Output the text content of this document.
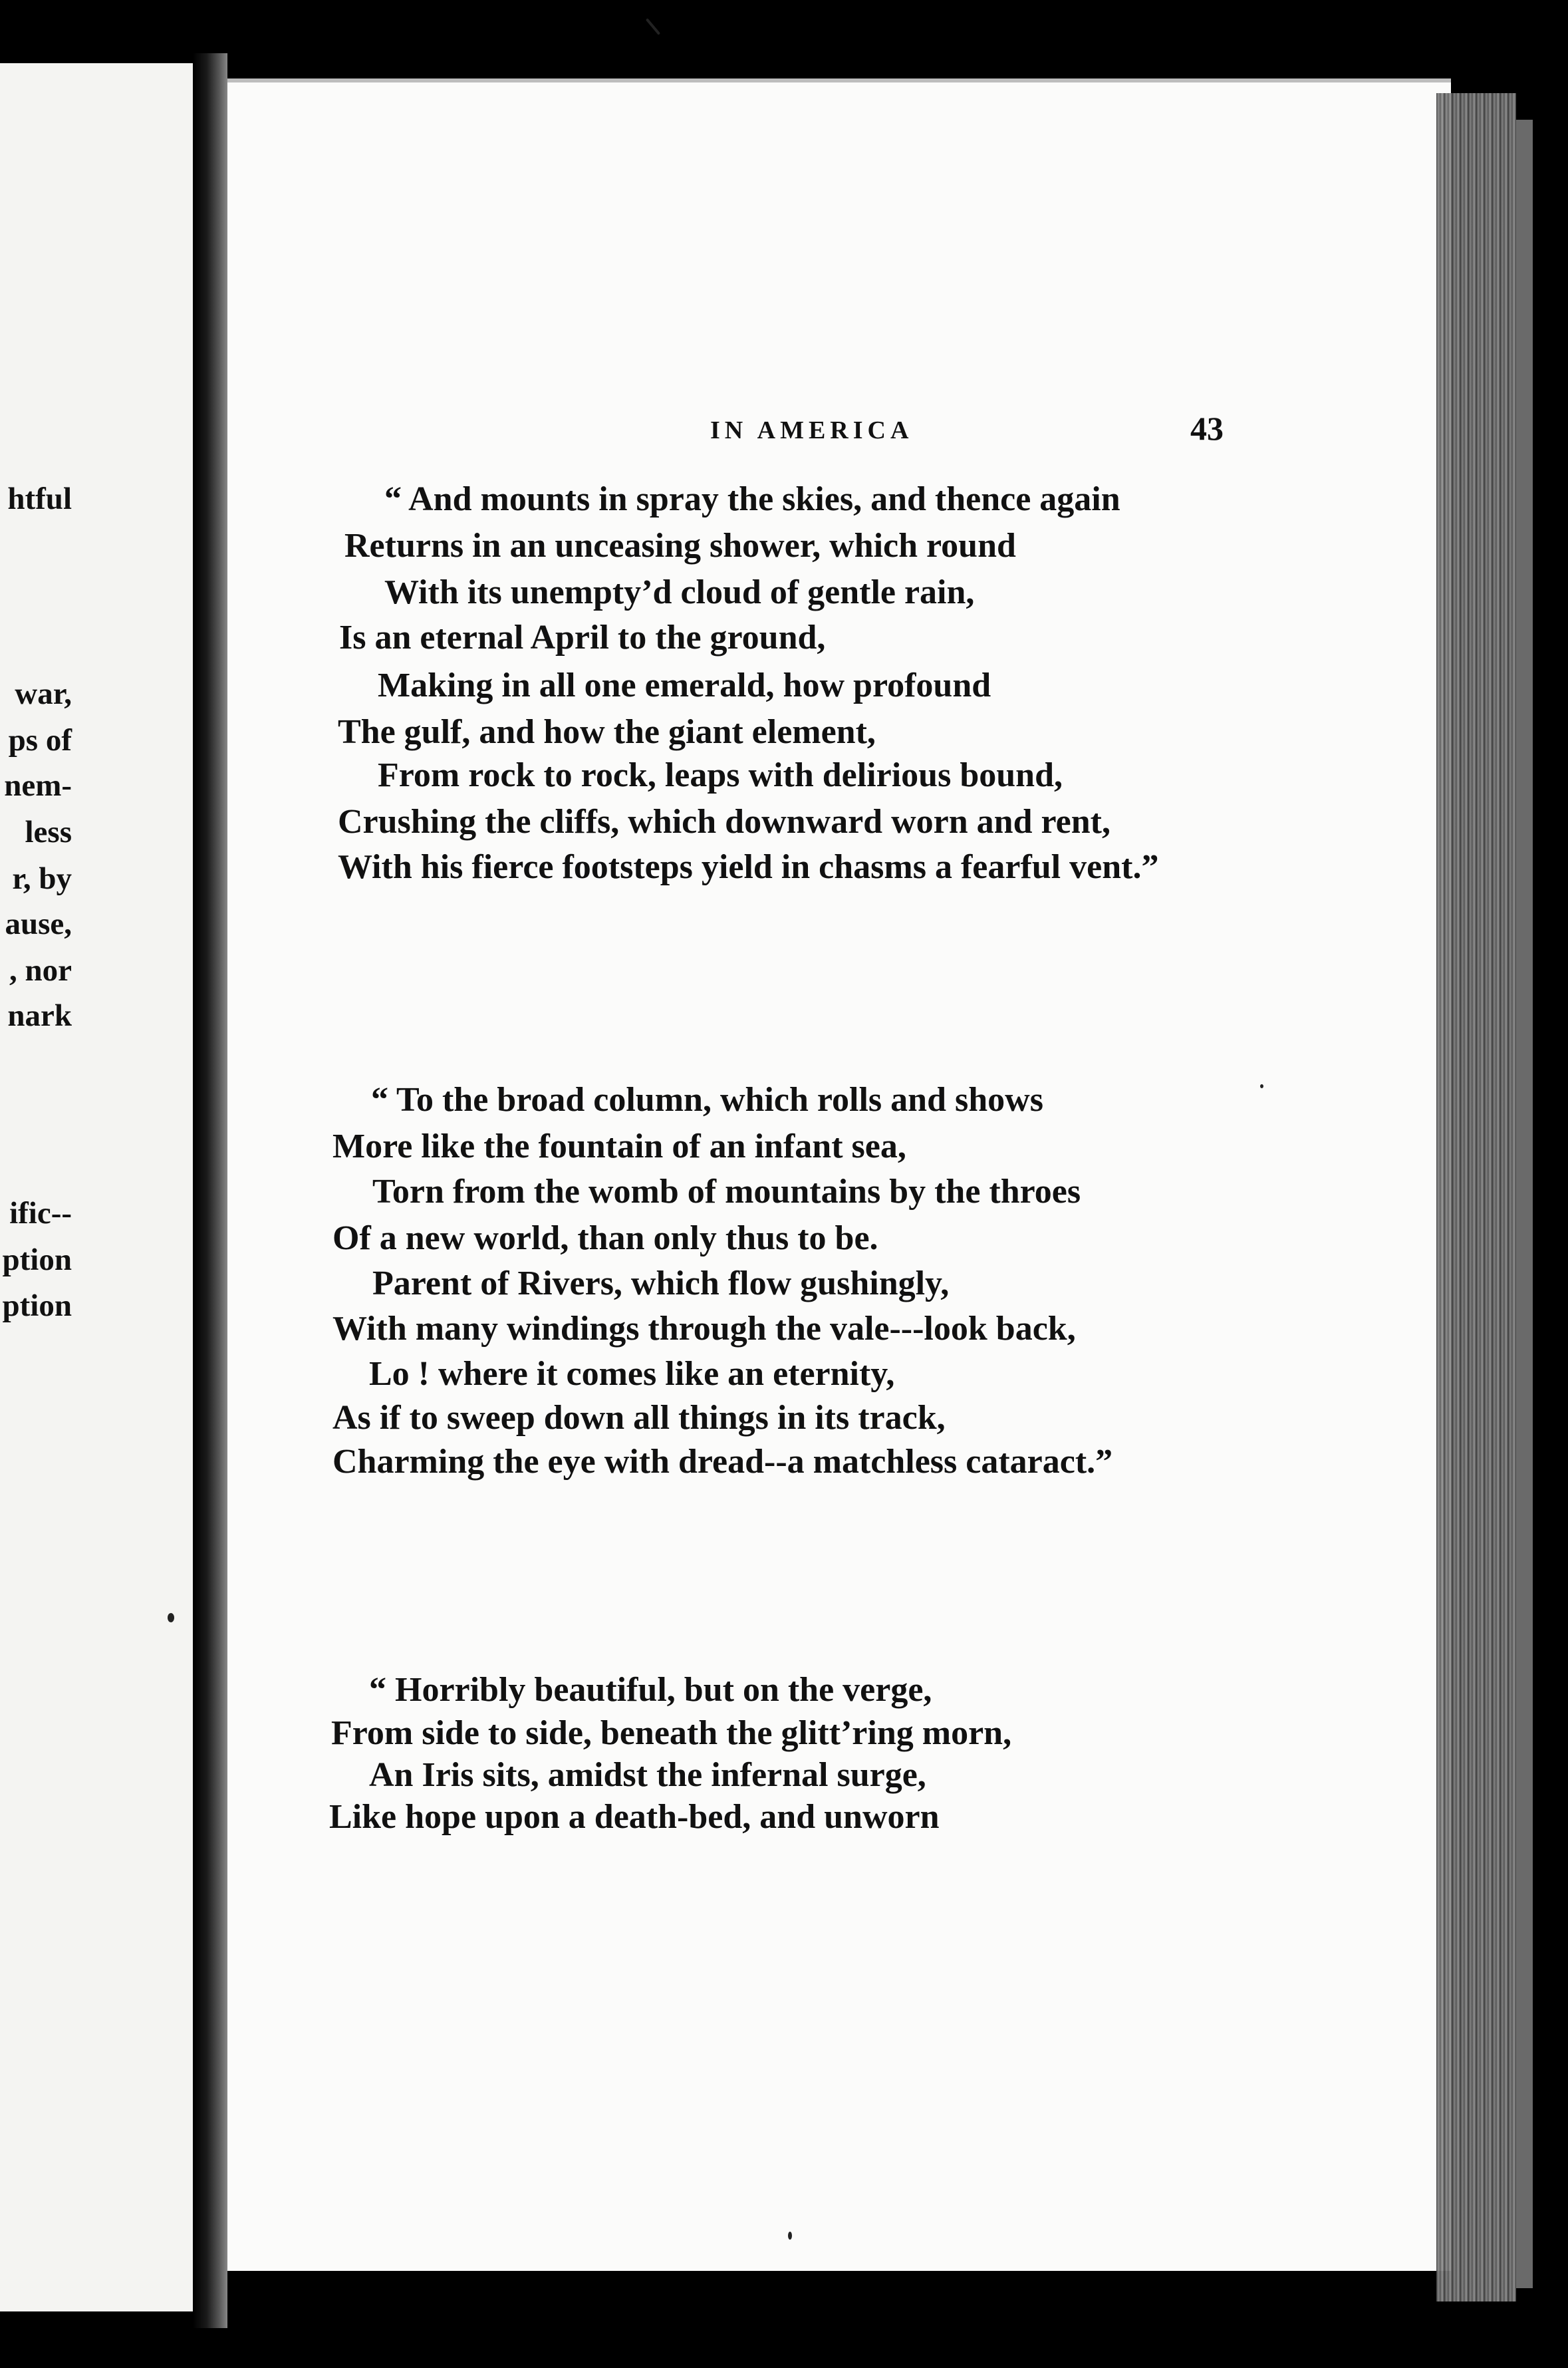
htful
war,
ps of
nem-
less
r, by
ause,
, nor
nark
ific--
ption
ption
IN AMERICA	43
“ And mounts in spray the skies, and thence again
Returns in an unceasing shower, which round
With its unempty’d cloud of gentle rain,
Is an eternal April to the ground,
Making in all one emerald, how profound
The gulf, and how the giant element,
From rock to rock, leaps with delirious bound,
Crushing the cliffs, which downward worn and rent,
With his fierce footsteps yield in chasms a fearful vent.”
“ To the broad column, which rolls and shows
More like the fountain of an infant sea,
Torn from the womb of mountains by the throes
Of a new world, than only thus to be.
Parent of Rivers, which flow gushingly,
With many windings through the vale---look back,
Lo ! where it comes like an eternity,
As if to sweep down all things in its track,
Charming the eye with dread--a matchless cataract.”
“ Horribly beautiful, but on the verge,
From side to side, beneath the glitt’ring morn,
An Iris sits, amidst the infernal surge,
Like hope upon a death-bed, and unworn
